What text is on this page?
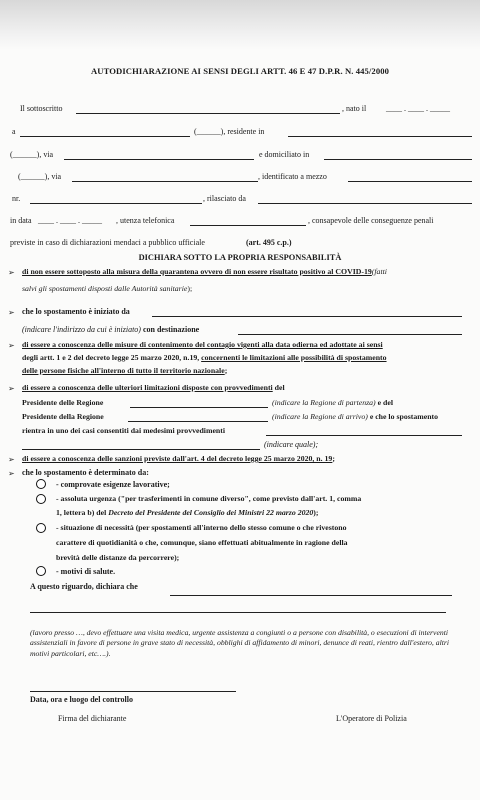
AUTODICHIARAZIONE AI SENSI DEGLI ARTT. 46 E 47 D.P.R. N. 445/2000
Il sottoscritto	, nato il ____ . ____ . _____
a	(______), residente in
(______), via	e domiciliato in
(______), via	, identificato a mezzo
nr.	, rilasciato da
in data ____ . ____ . _____ , utenza telefonica	, consapevole delle conseguenze penali
previste in caso di dichiarazioni mendaci a pubblico ufficiale	(art. 495 c.p.)
DICHIARA SOTTO LA PROPRIA RESPONSABILITÀ
➢ di non essere sottoposto alla misura della quarantena ovvero di non essere risultato positivo al COVID-19(fatti
salvi gli spostamenti disposti dalle Autorità sanitarie);
➢ che lo spostamento è iniziato da
(indicare l'indirizzo da cui è iniziato) con destinazione
➢ di essere a conoscenza delle misure di contenimento del contagio vigenti alla data odierna ed adottate ai sensi
degli artt. 1 e 2 del decreto legge 25 marzo 2020, n.19, concernenti le limitazioni alle possibilità di spostamento
delle persone fisiche all'interno di tutto il territorio nazionale;
➢ di essere a conoscenza delle ulteriori limitazioni disposte con provvedimenti del
Presidente delle Regione	(indicare la Regione di partenza) e del
Presidente della Regione	(indicare la Regione di arrivo) e che lo spostamento
rientra in uno dei casi consentiti dai medesimi provvedimenti
(indicare quale);
➢ di essere a conoscenza delle sanzioni previste dall'art. 4 del decreto legge 25 marzo 2020, n. 19;
➢ che lo spostamento è determinato da:
- comprovate esigenze lavorative;
- assoluta urgenza ("per trasferimenti in comune diverso", come previsto dall'art. 1, comma
1, lettera b) del Decreto del Presidente del Consiglio dei Ministri 22 marzo 2020);
- situazione di necessità (per spostamenti all'interno dello stesso comune o che rivestono
carattere di quotidianità o che, comunque, siano effettuati abitualmente in ragione della
brevità delle distanze da percorrere);
- motivi di salute.
A questo riguardo, dichiara che
(lavoro presso …, devo effettuare una visita medica, urgente assistenza a congiunti o a persone con disabilità, o esecuzioni di interventi assistenziali in favore di persone in grave stato di necessità, obblighi di affidamento di minori, denunce di reati, rientro dall'estero, altri motivi particolari, etc….).
Data, ora e luogo del controllo
Firma del dichiarante	L'Operatore di Polizia
